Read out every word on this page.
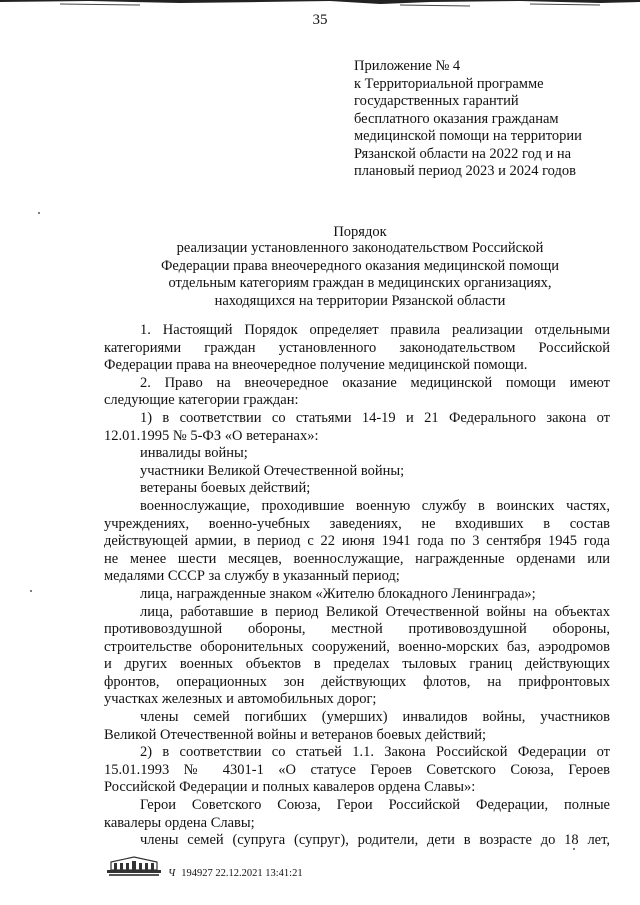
35
Приложение № 4
к Территориальной программе
государственных гарантий
бесплатного оказания гражданам
медицинской помощи на территории
Рязанской области на 2022 год и на
плановый период 2023 и 2024 годов
Порядок
реализации установленного законодательством Российской
Федерации права внеочередного оказания медицинской помощи
отдельным категориям граждан в медицинских организациях,
находящихся на территории Рязанской области
1. Настоящий Порядок определяет правила реализации отдельными
категориями граждан установленного законодательством Российской
Федерации права на внеочередное получение медицинской помощи.
2. Право на внеочередное оказание медицинской помощи имеют
следующие категории граждан:
1) в соответствии со статьями 14-19 и 21 Федерального закона от
12.01.1995 № 5-ФЗ «О ветеранах»:
инвалиды войны;
участники Великой Отечественной войны;
ветераны боевых действий;
военнослужащие, проходившие военную службу в воинских частях,
учреждениях, военно-учебных заведениях, не входивших в состав
действующей армии, в период с 22 июня 1941 года по 3 сентября 1945 года
не менее шести месяцев, военнослужащие, награжденные орденами или
медалями СССР за службу в указанный период;
лица, награжденные знаком «Жителю блокадного Ленинграда»;
лица, работавшие в период Великой Отечественной войны на объектах
противовоздушной обороны, местной противовоздушной обороны,
строительстве оборонительных сооружений, военно-морских баз, аэродромов
и других военных объектов в пределах тыловых границ действующих
фронтов, операционных зон действующих флотов, на прифронтовых
участках железных и автомобильных дорог;
члены семей погибших (умерших) инвалидов войны, участников
Великой Отечественной войны и ветеранов боевых действий;
2) в соответствии со статьей 1.1. Закона Российской Федерации от
15.01.1993 № 4301-1 «О статусе Героев Советского Союза, Героев
Российской Федерации и полных кавалеров ордена Славы»:
Герои Советского Союза, Герои Российской Федерации, полные
кавалеры ордена Славы;
члены семей (супруга (супруг), родители, дети в возрасте до 18 лет,
Ч 194927 22.12.2021 13:41:21
